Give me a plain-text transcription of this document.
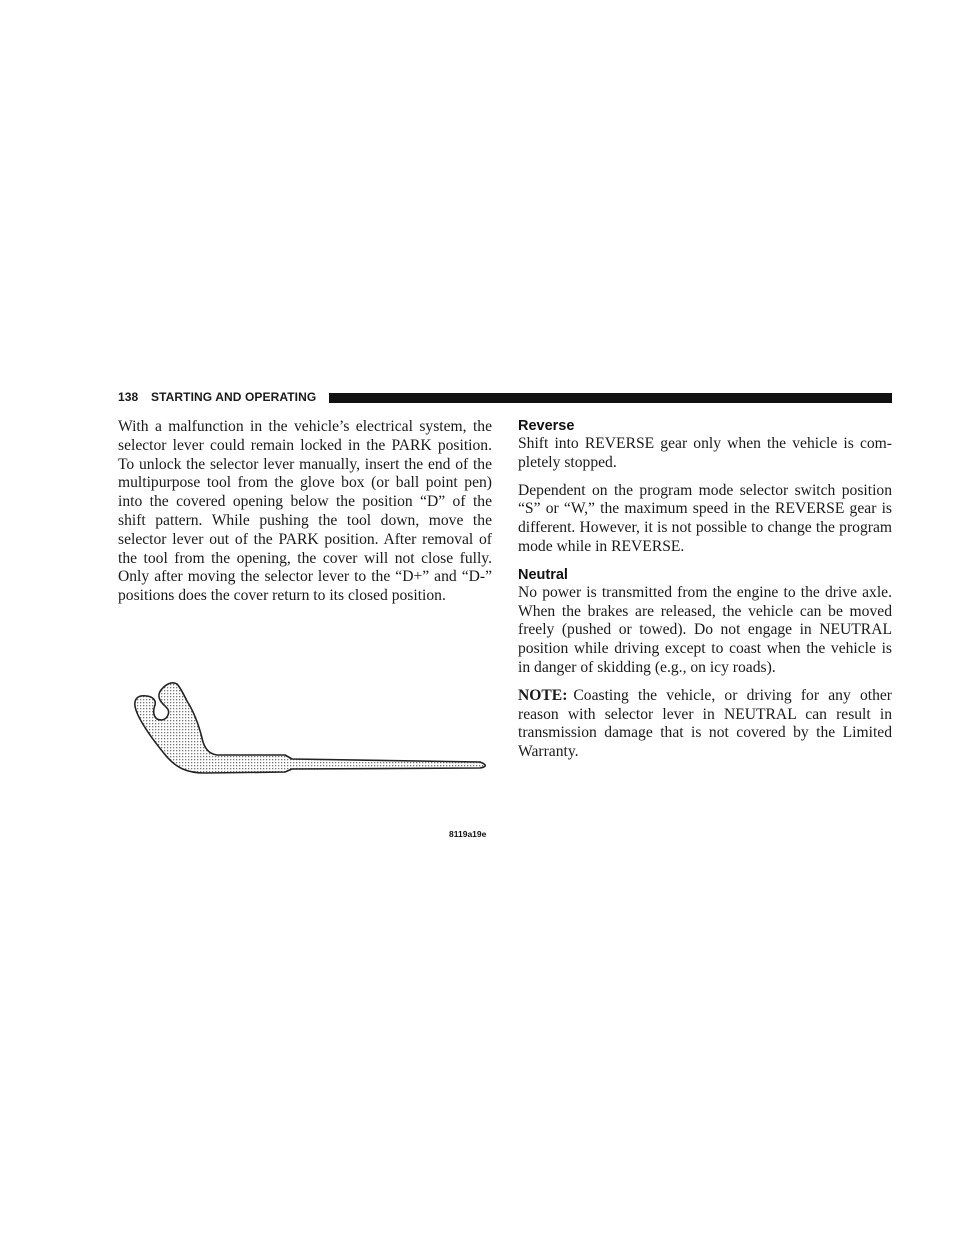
138 STARTING AND OPERATING

With a malfunction in the vehicle’s electrical system, the selector lever could remain locked in the PARK position. To unlock the selector lever manually, insert the end of the multipurpose tool from the glove box (or ball point pen) into the covered opening below the position “D” of the shift pattern. While pushing the tool down, move the selector lever out of the PARK position. After removal of the tool from the opening, the cover will not close fully. Only after moving the selector lever to the “D+” and “D-” positions does the cover return to its closed position.

8119a19e
Reverse

Shift into REVERSE gear only when the vehicle is completely stopped.

Dependent on the program mode selector switch position “S” or “W,” the maximum speed in the REVERSE gear is different. However, it is not possible to change the program mode while in REVERSE.

Neutral

No power is transmitted from the engine to the drive axle. When the brakes are released, the vehicle can be moved freely (pushed or towed). Do not engage in NEUTRAL position while driving except to coast when the vehicle is in danger of skidding (e.g., on icy roads).

NOTE: Coasting the vehicle, or driving for any other reason with selector lever in NEUTRAL can result in transmission damage that is not covered by the Limited Warranty.
